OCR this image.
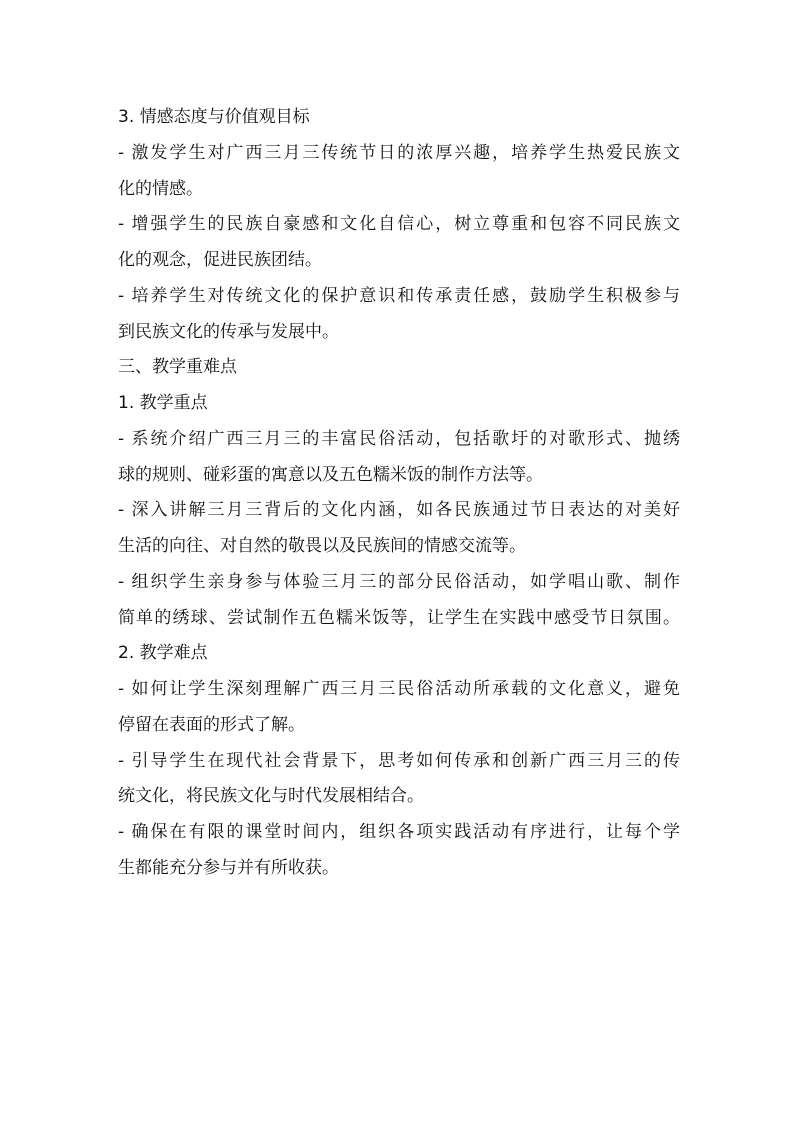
3. 情感态度与价值观目标
- 激发学生对广西三月三传统节日的浓厚兴趣，培养学生热爱民族文
化的情感。
- 增强学生的民族自豪感和文化自信心，树立尊重和包容不同民族文
化的观念，促进民族团结。
- 培养学生对传统文化的保护意识和传承责任感，鼓励学生积极参与
到民族文化的传承与发展中。
三、教学重难点
1. 教学重点
- 系统介绍广西三月三的丰富民俗活动，包括歌圩的对歌形式、抛绣
球的规则、碰彩蛋的寓意以及五色糯米饭的制作方法等。
- 深入讲解三月三背后的文化内涵，如各民族通过节日表达的对美好
生活的向往、对自然的敬畏以及民族间的情感交流等。
- 组织学生亲身参与体验三月三的部分民俗活动，如学唱山歌、制作
简单的绣球、尝试制作五色糯米饭等，让学生在实践中感受节日氛围。
2. 教学难点
- 如何让学生深刻理解广西三月三民俗活动所承载的文化意义，避免
停留在表面的形式了解。
- 引导学生在现代社会背景下，思考如何传承和创新广西三月三的传
统文化，将民族文化与时代发展相结合。
- 确保在有限的课堂时间内，组织各项实践活动有序进行，让每个学
生都能充分参与并有所收获。
